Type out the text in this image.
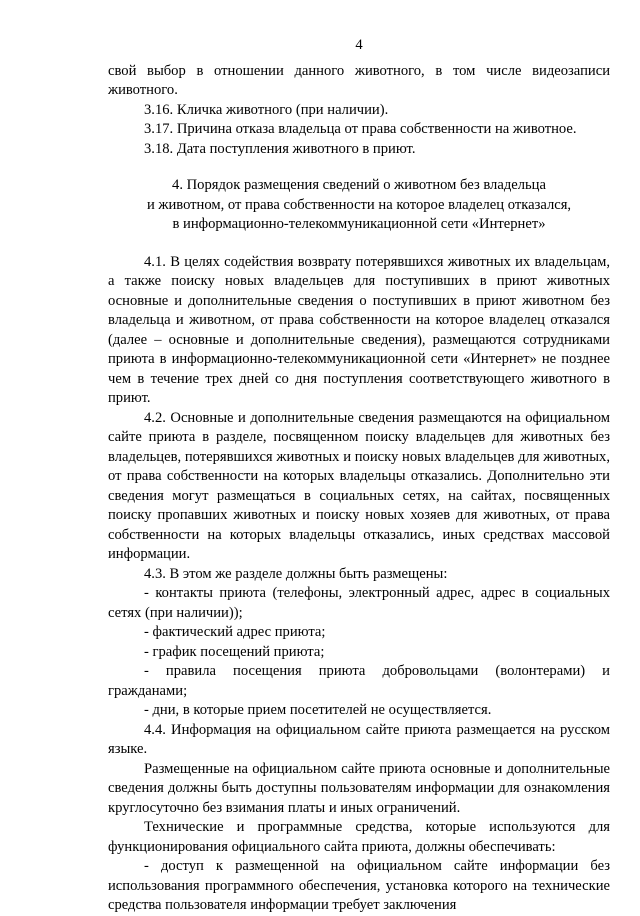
4

свой выбор в отношении данного животного, в том числе видеозаписи животного.

3.16. Кличка животного (при наличии).

3.17. Причина отказа владельца от права собственности на животное.

3.18. Дата поступления животного в приют.

4. Порядок размещения сведений о животном без владельца
и животном, от права собственности на которое владелец отказался,
в информационно-телекоммуникационной сети «Интернет»

4.1. В целях содействия возврату потерявшихся животных их владельцам, а также поиску новых владельцев для поступивших в приют животных основные и дополнительные сведения о поступивших в приют животном без владельца и животном, от права собственности на которое владелец отказался (далее – основные и дополнительные сведения), размещаются сотрудниками приюта в информационно-телекоммуникационной сети «Интернет» не позднее чем в течение трех дней со дня поступления соответствующего животного в приют.

4.2. Основные и дополнительные сведения размещаются на официальном сайте приюта в разделе, посвященном поиску владельцев для животных без владельцев, потерявшихся животных и поиску новых владельцев для животных, от права собственности на которых владельцы отказались. Дополнительно эти сведения могут размещаться в социальных сетях, на сайтах, посвященных поиску пропавших животных и поиску новых хозяев для животных, от права собственности на которых владельцы отказались, иных средствах массовой информации.

4.3. В этом же разделе должны быть размещены:

- контакты приюта (телефоны, электронный адрес, адрес в социальных сетях (при наличии));

- фактический адрес приюта;

- график посещений приюта;

- правила посещения приюта добровольцами (волонтерами) и гражданами;

- дни, в которые прием посетителей не осуществляется.

4.4. Информация на официальном сайте приюта размещается на русском языке.

Размещенные на официальном сайте приюта основные и дополнительные сведения должны быть доступны пользователям информации для ознакомления круглосуточно без взимания платы и иных ограничений.

Технические и программные средства, которые используются для функционирования официального сайта приюта, должны обеспечивать:

- доступ к размещенной на официальном сайте информации без использования программного обеспечения, установка которого на технические средства пользователя информации требует заключения
